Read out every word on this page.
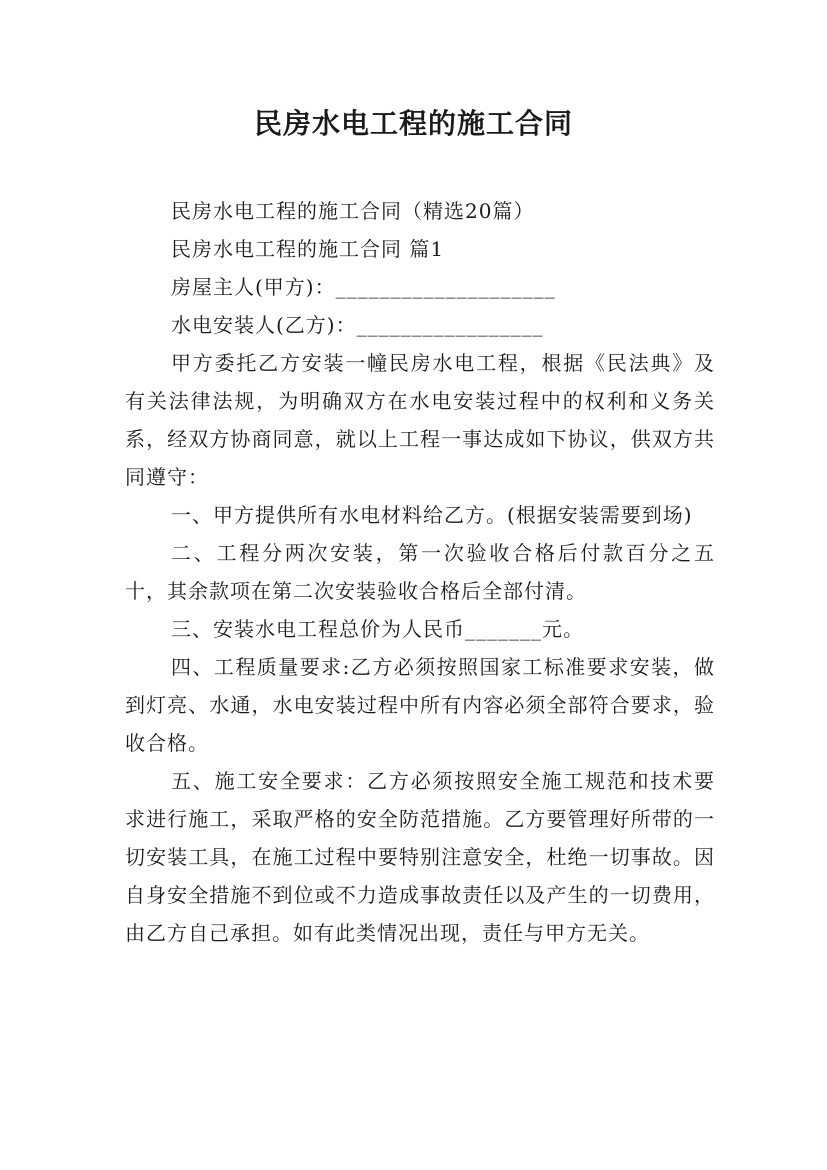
民房水电工程的施工合同

民房水电工程的施工合同（精选20篇）

民房水电工程的施工合同 篇1

房屋主人(甲方)：____________________

水电安装人(乙方)：_________________

甲方委托乙方安装一幢民房水电工程，根据《民法典》及有关法律法规，为明确双方在水电安装过程中的权利和义务关系，经双方协商同意，就以上工程一事达成如下协议，供双方共同遵守：

一、甲方提供所有水电材料给乙方。(根据安装需要到场)

二、工程分两次安装，第一次验收合格后付款百分之五十，其余款项在第二次安装验收合格后全部付清。

三、安装水电工程总价为人民币_______元。

四、工程质量要求:乙方必须按照国家工标准要求安装，做到灯亮、水通，水电安装过程中所有内容必须全部符合要求，验收合格。

五、施工安全要求：乙方必须按照安全施工规范和技术要求进行施工，采取严格的安全防范措施。乙方要管理好所带的一切安装工具，在施工过程中要特别注意安全，杜绝一切事故。因自身安全措施不到位或不力造成事故责任以及产生的一切费用，由乙方自己承担。如有此类情况出现，责任与甲方无关。
